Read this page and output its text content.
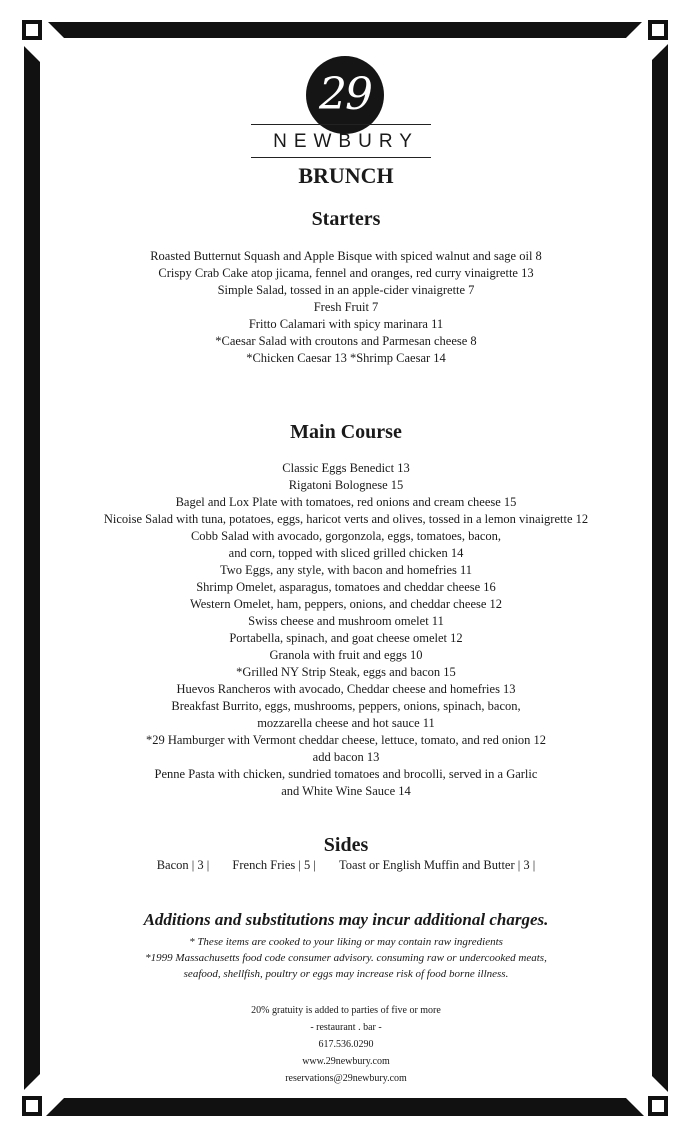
29
NEWBURY
BRUNCH
Starters
Roasted Butternut Squash and Apple Bisque with spiced walnut and sage oil 8
Crispy Crab Cake atop jicama, fennel and oranges, red curry vinaigrette 13
Simple Salad, tossed in an apple-cider vinaigrette 7
Fresh Fruit 7
Fritto Calamari with spicy marinara 11
*Caesar Salad with croutons and Parmesan cheese 8
*Chicken Caesar 13 *Shrimp Caesar 14
Main Course
Classic Eggs Benedict 13
Rigatoni Bolognese 15
Bagel and Lox Plate with tomatoes, red onions and cream cheese 15
Nicoise Salad with tuna, potatoes, eggs, haricot verts and olives, tossed in a lemon vinaigrette 12
Cobb Salad with avocado, gorgonzola, eggs, tomatoes, bacon,
and corn, topped with sliced grilled chicken 14
Two Eggs, any style, with bacon and homefries 11
Shrimp Omelet, asparagus, tomatoes and cheddar cheese 16
Western Omelet, ham, peppers, onions, and cheddar cheese 12
Swiss cheese and mushroom omelet 11
Portabella, spinach, and goat cheese omelet 12
Granola with fruit and eggs 10
*Grilled NY Strip Steak, eggs and bacon 15
Huevos Rancheros with avocado, Cheddar cheese and homefries 13
Breakfast Burrito, eggs, mushrooms, peppers, onions, spinach, bacon,
mozzarella cheese and hot sauce 11
*29 Hamburger with Vermont cheddar cheese, lettuce, tomato, and red onion 12
add bacon 13
Penne Pasta with chicken, sundried tomatoes and brocolli, served in a Garlic
and White Wine Sauce 14
Sides
Bacon | 3 | French Fries | 5 | Toast or English Muffin and Butter | 3 |
Additions and substitutions may incur additional charges.
* These items are cooked to your liking or may contain raw ingredients
*1999 Massachusetts food code consumer advisory. consuming raw or undercooked meats,
seafood, shellfish, poultry or eggs may increase risk of food borne illness.
20% gratuity is added to parties of five or more
- restaurant . bar -
617.536.0290
www.29newbury.com
reservations@29newbury.com
